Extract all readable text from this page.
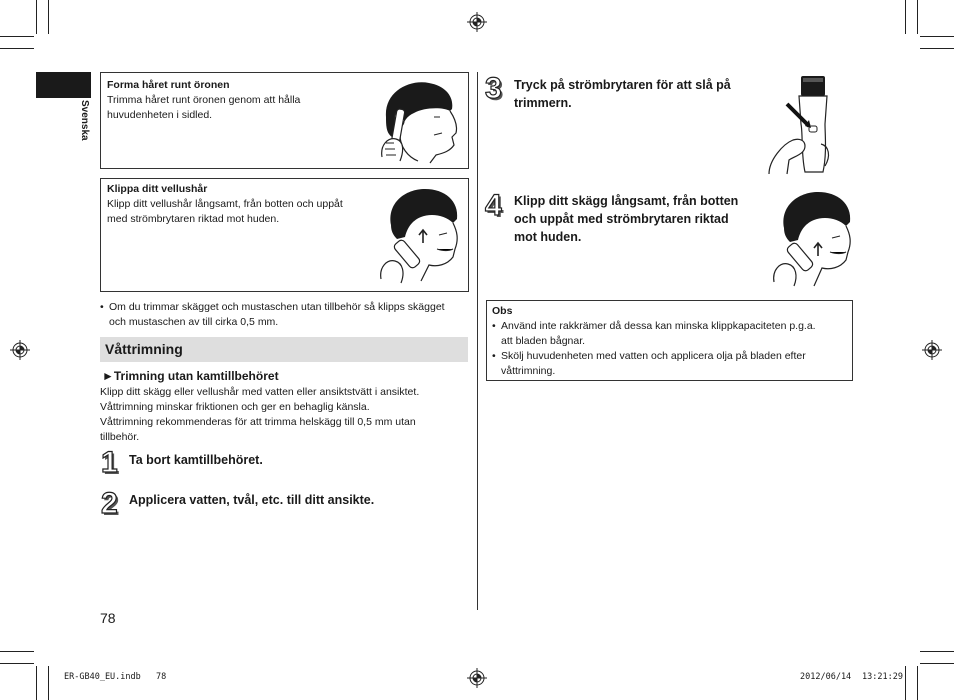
Svenska
Forma håret runt öronen
Trimma håret runt öronen genom att hålla
huvudenheten i sidled.
Klippa ditt vellushår
Klipp ditt vellushår långsamt, från botten och uppåt
med strömbrytaren riktad mot huden.
• Om du trimmar skägget och mustaschen utan tillbehör så klipps skägget
och mustaschen av till cirka 0,5 mm.
Våttrimning
►Trimning utan kamtillbehöret
Klipp ditt skägg eller vellushår med vatten eller ansiktstvätt i ansiktet.
Våttrimning minskar friktionen och ger en behaglig känsla.
Våttrimning rekommenderas för att trimma helskägg till 0,5 mm utan
tillbehör.
1 Ta bort kamtillbehöret.
2 Applicera vatten, tvål, etc. till ditt ansikte.
78
3 Tryck på strömbrytaren för att slå på
trimmern.
4 Klipp ditt skägg långsamt, från botten
och uppåt med strömbrytaren riktad
mot huden.
Obs
• Använd inte rakkrämer då dessa kan minska klippkapaciteten p.g.a.
att bladen bågnar.
• Skölj huvudenheten med vatten och applicera olja på bladen efter
våttrimning.
ER-GB40_EU.indb 78	2012/06/14 13:21:29
